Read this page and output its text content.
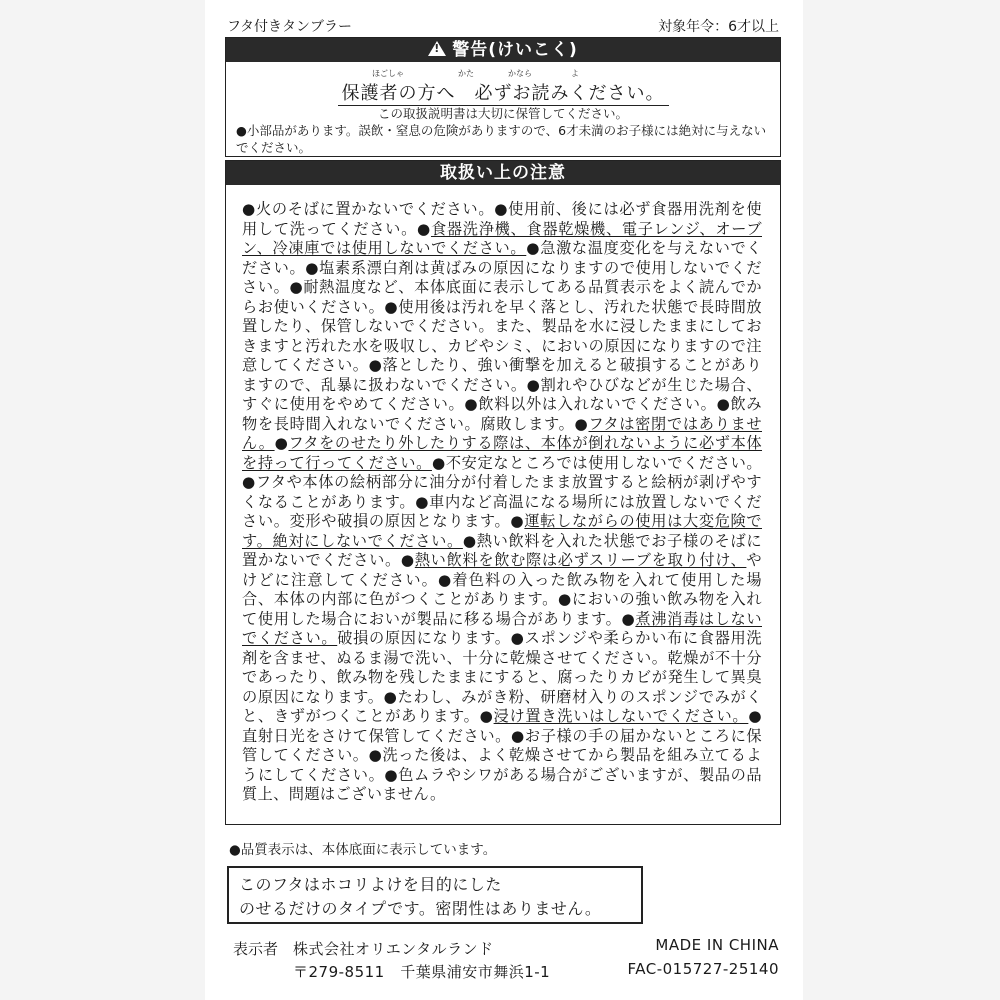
フタ付きタンブラー	対象年令：6才以上
!警告(けいこく)
ほごしゃ	かた	かなら	よ
保護者の方へ　必ずお読みください。
この取扱説明書は大切に保管してください。
●小部品があります。誤飲・窒息の危険がありますので、6才未満のお子様には絶対に与えないでください。
取扱い上の注意
●火のそばに置かないでください。●使用前、後には必ず食器用洗剤を使用して洗ってください。●食器洗浄機、食器乾燥機、電子レンジ、オーブン、冷凍庫では使用しないでください。●急激な温度変化を与えないでください。●塩素系漂白剤は黄ばみの原因になりますので使用しないでください。●耐熱温度など、本体底面に表示してある品質表示をよく読んでからお使いください。●使用後は汚れを早く落とし、汚れた状態で長時間放置したり、保管しないでください。また、製品を水に浸したままにしておきますと汚れた水を吸収し、カビやシミ、においの原因になりますので注意してください。●落としたり、強い衝撃を加えると破損することがありますので、乱暴に扱わないでください。●割れやひびなどが生じた場合、すぐに使用をやめてください。●飲料以外は入れないでください。●飲み物を長時間入れないでください。腐敗します。●フタは密閉ではありません。●フタをのせたり外したりする際は、本体が倒れないように必ず本体を持って行ってください。●不安定なところでは使用しないでください。●フタや本体の絵柄部分に油分が付着したまま放置すると絵柄が剥げやすくなることがあります。●車内など高温になる場所には放置しないでください。変形や破損の原因となります。●運転しながらの使用は大変危険です。絶対にしないでください。●熱い飲料を入れた状態でお子様のそばに置かないでください。●熱い飲料を飲む際は必ずスリーブを取り付け、やけどに注意してください。●着色料の入った飲み物を入れて使用した場合、本体の内部に色がつくことがあります。●においの強い飲み物を入れて使用した場合においが製品に移る場合があります。●煮沸消毒はしないでください。破損の原因になります。●スポンジや柔らかい布に食器用洗剤を含ませ、ぬるま湯で洗い、十分に乾燥させてください。乾燥が不十分であったり、飲み物を残したままにすると、腐ったりカビが発生して異臭の原因になります。●たわし、みがき粉、研磨材入りのスポンジでみがくと、きずがつくことがあります。●浸け置き洗いはしないでください。●直射日光をさけて保管してください。●お子様の手の届かないところに保管してください。●洗った後は、よく乾燥させてから製品を組み立てるようにしてください。●色ムラやシワがある場合がございますが、製品の品質上、問題はございません。
●品質表示は、本体底面に表示しています。
このフタはホコリよけを目的にした
のせるだけのタイプです。密閉性はありません。
表示者 株式会社オリエンタルランド
〒279-8511　千葉県浦安市舞浜1-1
MADE IN CHINA
FAC-015727-25140
